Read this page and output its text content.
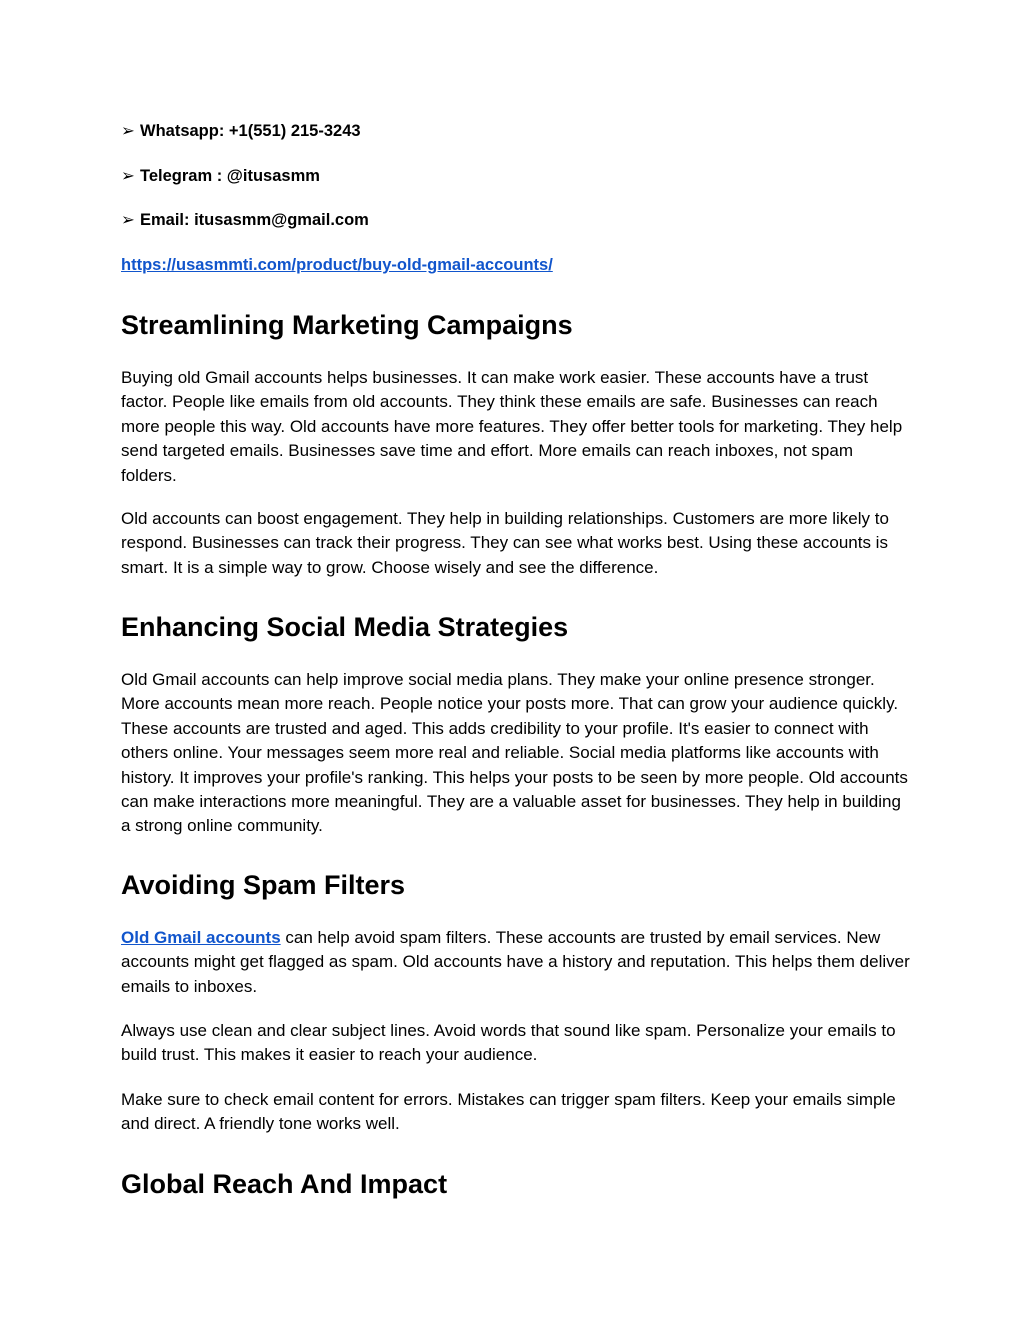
➢ Whatsapp: +1(551) 215-3243
➢ Telegram : @itusasmm
➢ Email: itusasmm@gmail.com
https://usasmmti.com/product/buy-old-gmail-accounts/
Streamlining Marketing Campaigns

Buying old Gmail accounts helps businesses. It can make work easier. These accounts have a trust factor. People like emails from old accounts. They think these emails are safe. Businesses can reach more people this way. Old accounts have more features. They offer better tools for marketing. They help send targeted emails. Businesses save time and effort. More emails can reach inboxes, not spam folders.

Old accounts can boost engagement. They help in building relationships. Customers are more likely to respond. Businesses can track their progress. They can see what works best. Using these accounts is smart. It is a simple way to grow. Choose wisely and see the difference.

Enhancing Social Media Strategies

Old Gmail accounts can help improve social media plans. They make your online presence stronger. More accounts mean more reach. People notice your posts more. That can grow your audience quickly. These accounts are trusted and aged. This adds credibility to your profile. It's easier to connect with others online. Your messages seem more real and reliable. Social media platforms like accounts with history. It improves your profile's ranking. This helps your posts to be seen by more people. Old accounts can make interactions more meaningful. They are a valuable asset for businesses. They help in building a strong online community.

Avoiding Spam Filters

Old Gmail accounts can help avoid spam filters. These accounts are trusted by email services. New accounts might get flagged as spam. Old accounts have a history and reputation. This helps them deliver emails to inboxes.

Always use clean and clear subject lines. Avoid words that sound like spam. Personalize your emails to build trust. This makes it easier to reach your audience.

Make sure to check email content for errors. Mistakes can trigger spam filters. Keep your emails simple and direct. A friendly tone works well.

Global Reach And Impact
